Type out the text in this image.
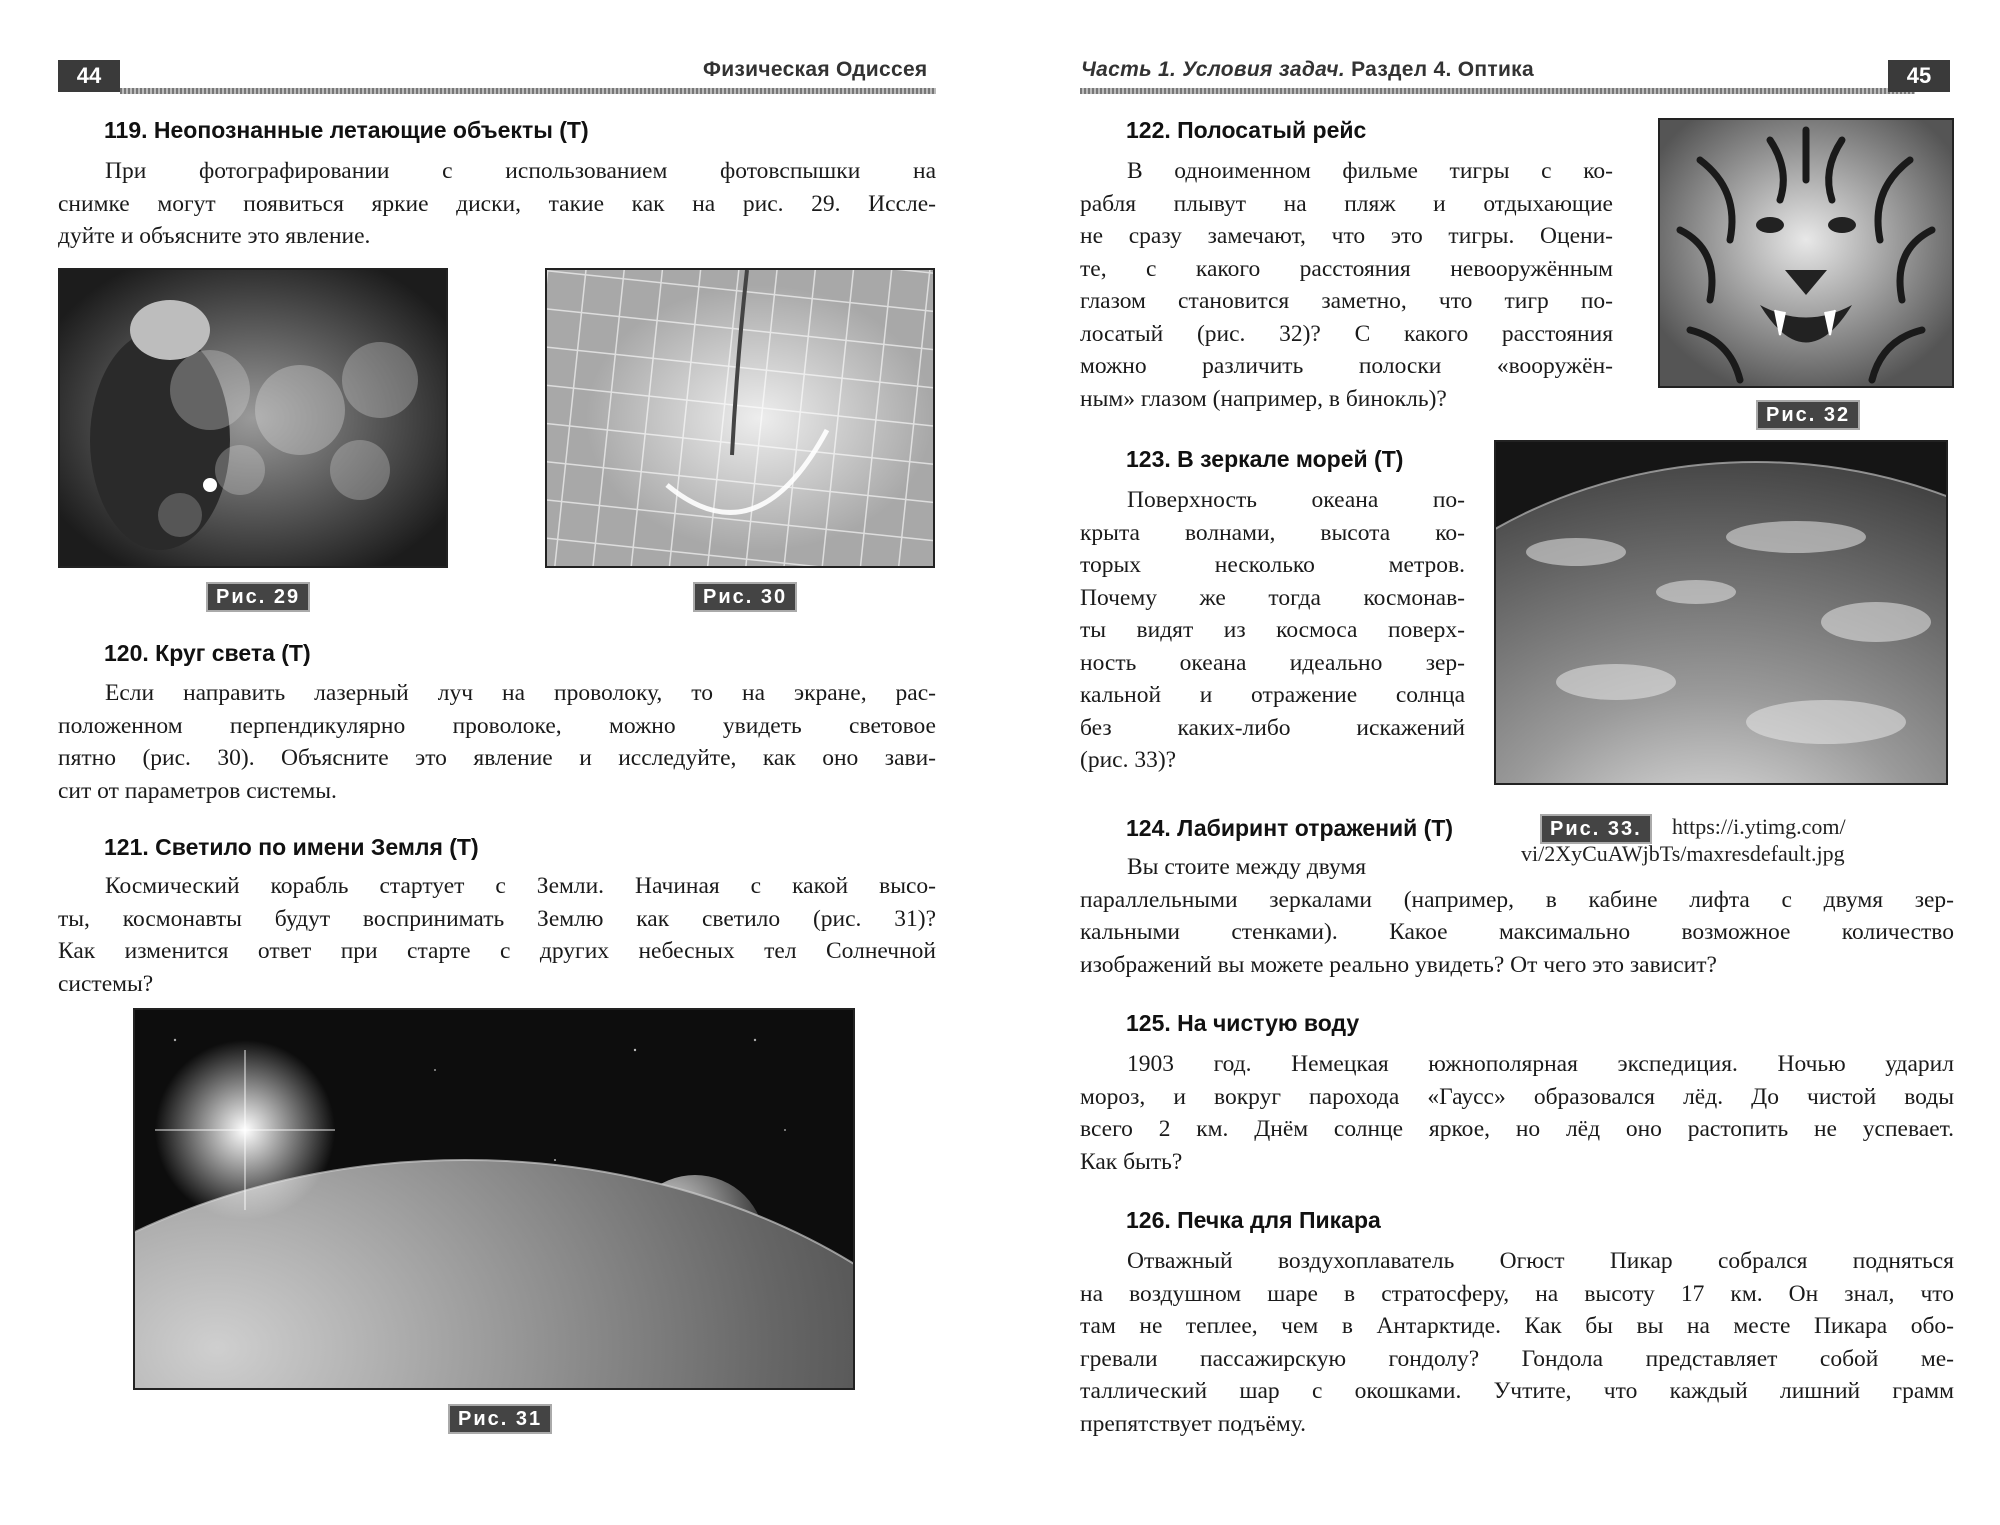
44	Физическая Одиссея
119. Неопознанные летающие объекты (Т)
При фотографировании с использованием фотовспышки на
снимке могут появиться яркие диски, такие как на рис. 29. Иссле-
дуйте и объясните это явление.
Рис. 29	Рис. 30
120. Круг света (Т)
Если направить лазерный луч на проволоку, то на экране, рас-
положенном перпендикулярно проволоке, можно увидеть световое
пятно (рис. 30). Объясните это явление и исследуйте, как оно зави-
сит от параметров системы.
121. Светило по имени Земля (Т)
Космический корабль стартует с Земли. Начиная с какой высо-
ты, космонавты будут воспринимать Землю как светило (рис. 31)?
Как изменится ответ при старте с других небесных тел Солнечной
системы?
Рис. 31
Часть 1. Условия задач. Раздел 4. Оптика	45
122. Полосатый рейс
В одноименном фильме тигры с ко-
рабля плывут на пляж и отдыхающие
не сразу замечают, что это тигры. Оцени-
те, с какого расстояния невооружённым
глазом становится заметно, что тигр по-
лосатый (рис. 32)? С какого расстояния
можно различить полоски «вооружён-
ным» глазом (например, в бинокль)?
Рис. 32
123. В зеркале морей (Т)
Поверхность океана по-
крыта волнами, высота ко-
торых несколько метров.
Почему же тогда космонав-
ты видят из космоса поверх-
ность океана идеально зер-
кальной и отражение солнца
без каких-либо искажений
(рис. 33)?
124. Лабиринт отражений (Т)	Рис. 33.	https://i.ytimg.com/
vi/2XyCuAWjbTs/maxresdefault.jpg
Вы стоите между двумя
параллельными зеркалами (например, в кабине лифта с двумя зер-
кальными стенками). Какое максимально возможное количество
изображений вы можете реально увидеть? От чего это зависит?
125. На чистую воду
1903 год. Немецкая южнополярная экспедиция. Ночью ударил
мороз, и вокруг парохода «Гаусс» образовался лёд. До чистой воды
всего 2 км. Днём солнце яркое, но лёд оно растопить не успевает.
Как быть?
126. Печка для Пикара
Отважный воздухоплаватель Огюст Пикар собрался подняться
на воздушном шаре в стратосферу, на высоту 17 км. Он знал, что
там не теплее, чем в Антарктиде. Как бы вы на месте Пикара обо-
гревали пассажирскую гондолу? Гондола представляет собой ме-
таллический шар с окошками. Учтите, что каждый лишний грамм
препятствует подъёму.
